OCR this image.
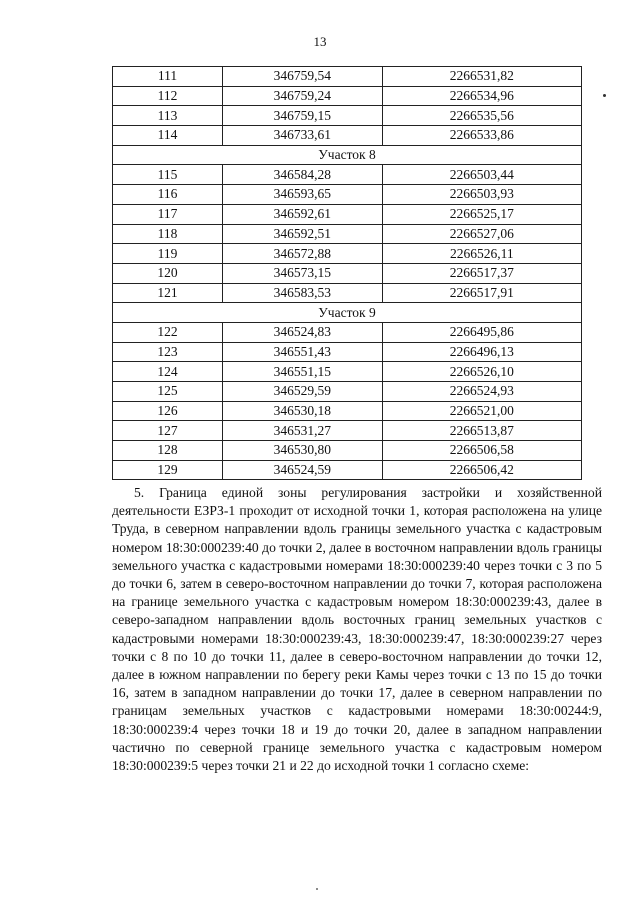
13
111	346759,54	2266531,82
112	346759,24	2266534,96
113	346759,15	2266535,56
114	346733,61	2266533,86
Участок 8		
115	346584,28	2266503,44
116	346593,65	2266503,93
117	346592,61	2266525,17
118	346592,51	2266527,06
119	346572,88	2266526,11
120	346573,15	2266517,37
121	346583,53	2266517,91
Участок 9		
122	346524,83	2266495,86
123	346551,43	2266496,13
124	346551,15	2266526,10
125	346529,59	2266524,93
126	346530,18	2266521,00
127	346531,27	2266513,87
128	346530,80	2266506,58
129	346524,59	2266506,42

5. Граница единой зоны регулирования застройки и хозяйственной деятельности ЕЗРЗ-1 проходит от исходной точки 1, которая расположена на улице Труда, в северном направлении вдоль границы земельного участка с кадастровым номером 18:30:000239:40 до точки 2, далее в восточном направлении вдоль границы земельного участка с кадастровыми номерами 18:30:000239:40 через точки с 3 по 5 до точки 6, затем в северо-восточном направлении до точки 7, которая расположена на границе земельного участка с кадастровым номером 18:30:000239:43, далее в северо-западном направлении вдоль восточных границ земельных участков с кадастровыми номерами 18:30:000239:43, 18:30:000239:47, 18:30:000239:27 через точки с 8 по 10 до точки 11, далее в северо-восточном направлении до точки 12, далее в южном направлении по берегу реки Камы через точки с 13 по 15 до точки 16, затем в западном направлении до точки 17, далее в северном направлении по границам земельных участков с кадастровыми номерами 18:30:00244:9, 18:30:000239:4 через точки 18 и 19 до точки 20, далее в западном направлении частично по северной границе земельного участка с кадастровым номером 18:30:000239:5 через точки 21 и 22 до исходной точки 1 согласно схеме:
